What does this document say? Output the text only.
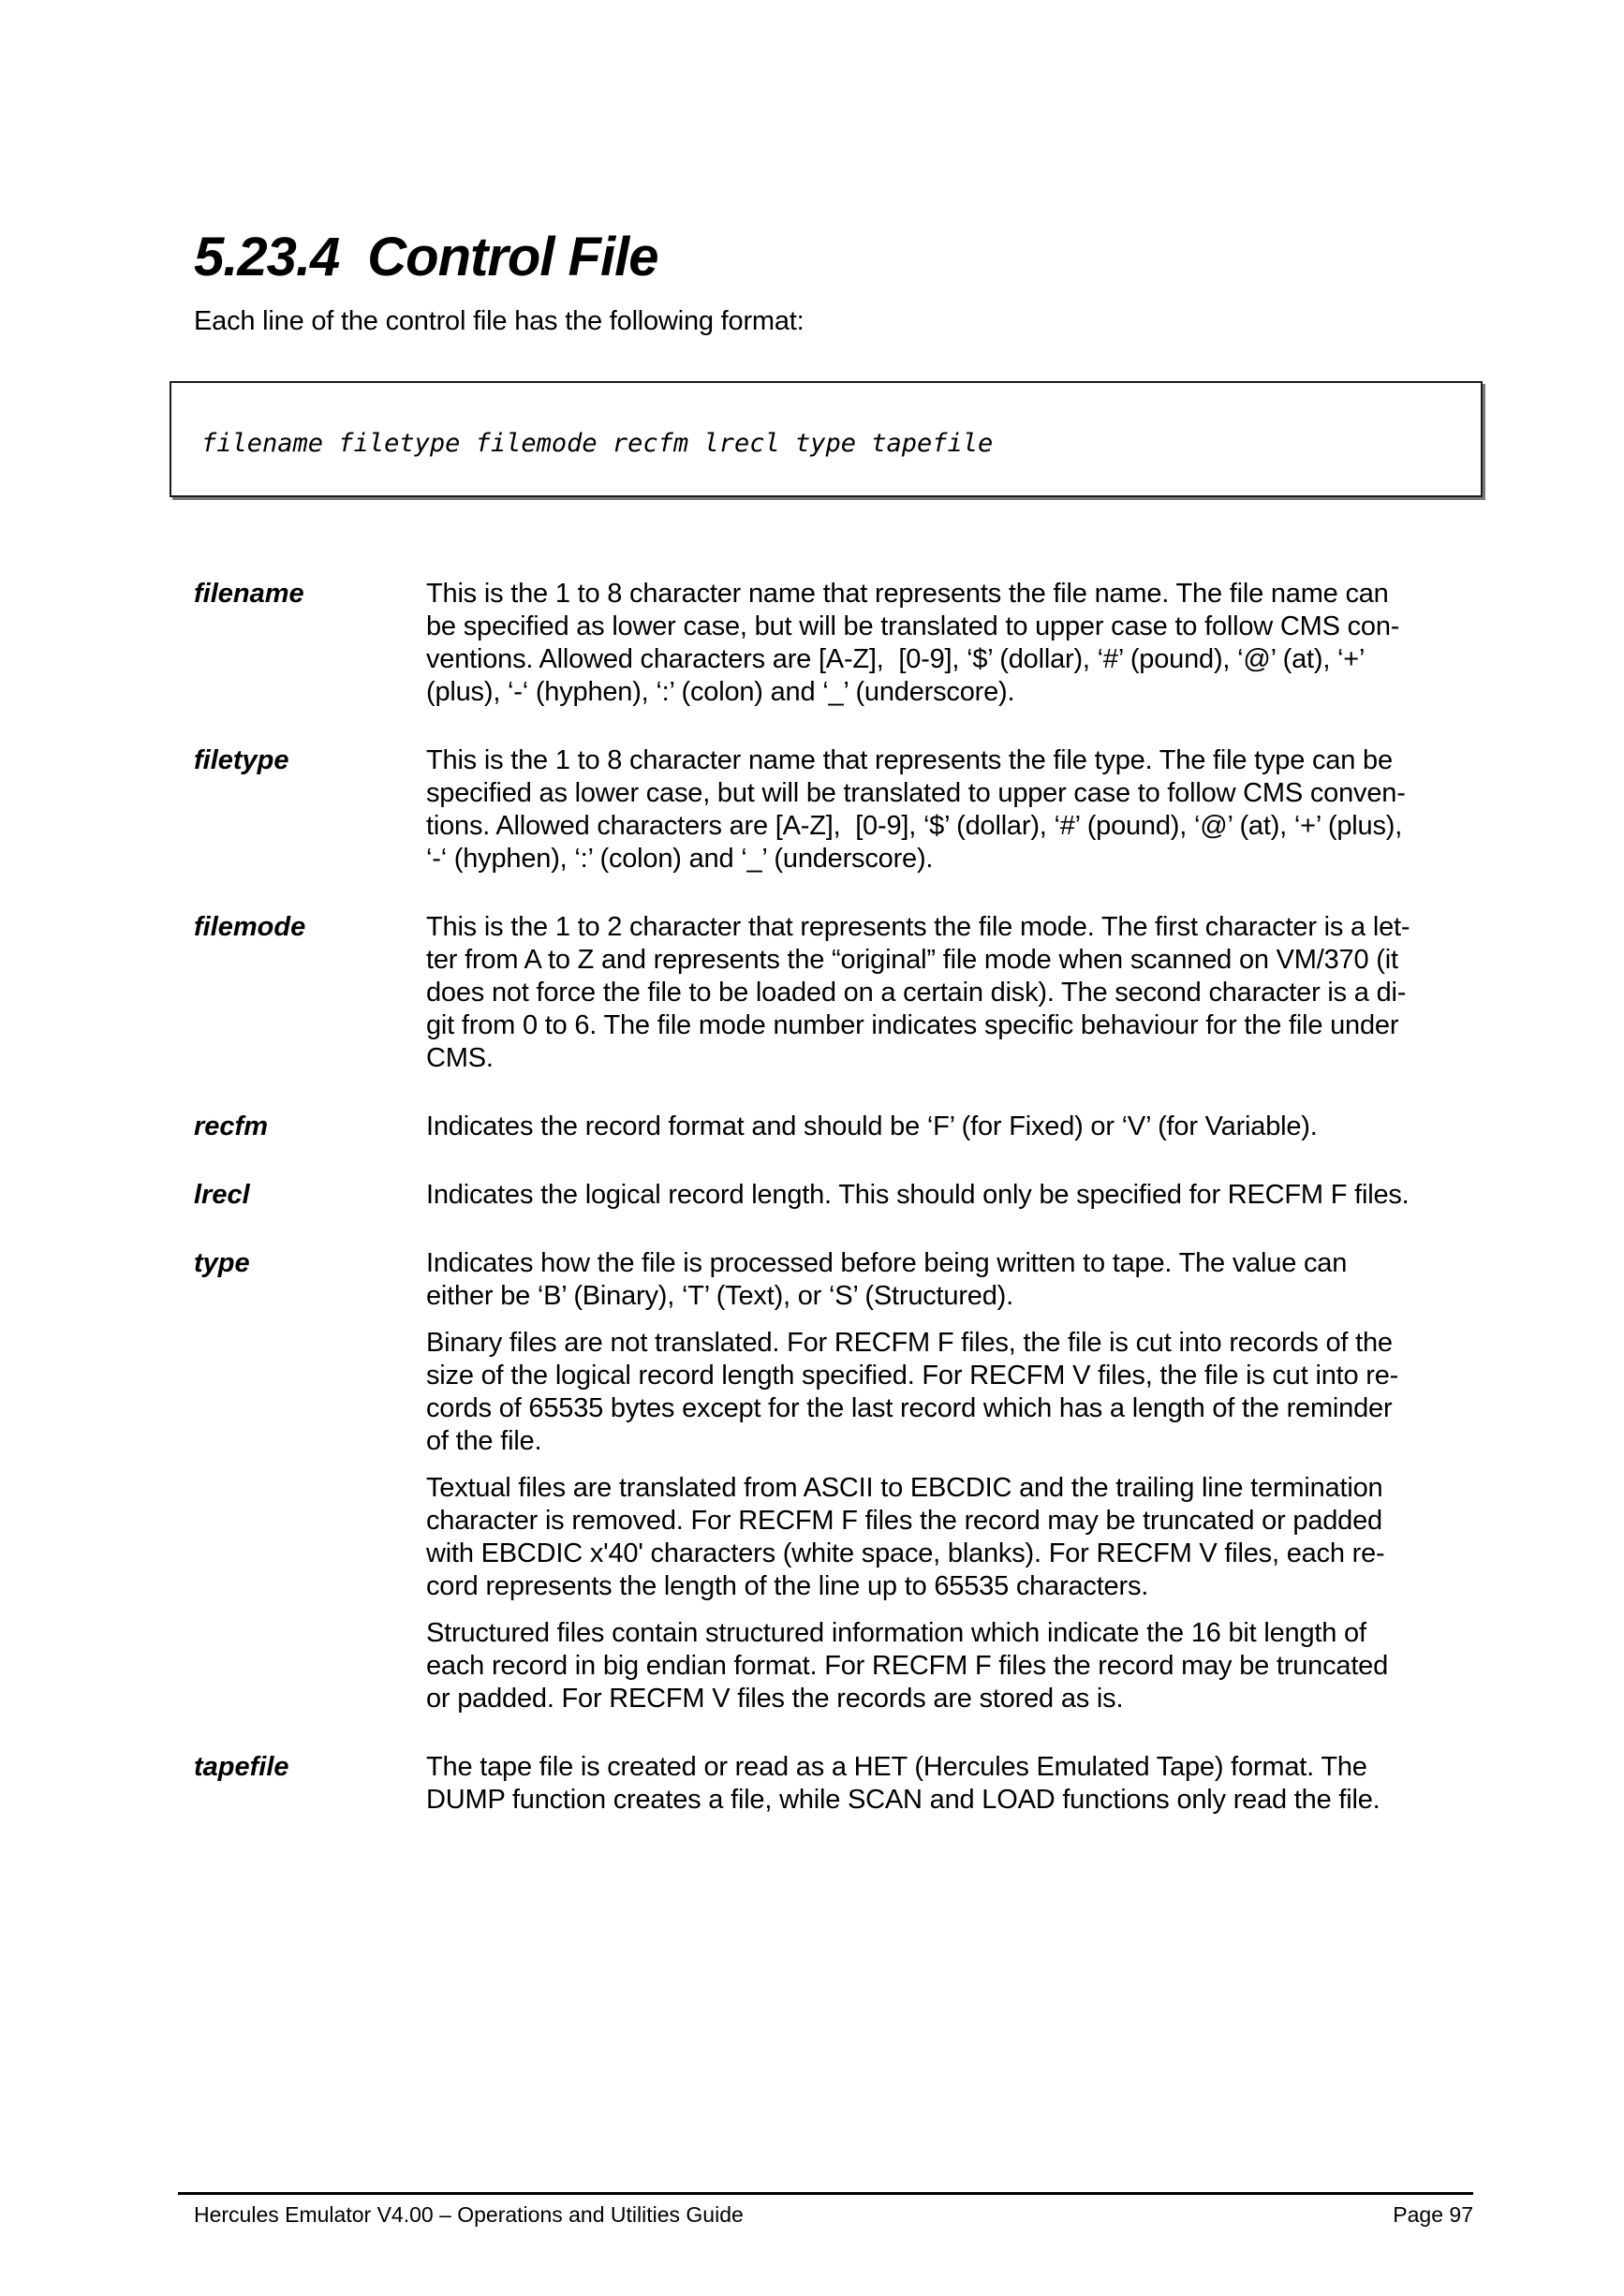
5.23.4 Control File
Each line of the control file has the following format:
filename filetype filemode recfm lrecl type tapefile
filename	This is the 1 to 8 character name that represents the file name. The file name can
be specified as lower case, but will be translated to upper case to follow CMS con-
ventions. Allowed characters are [A-Z],  [0-9], ‘$’ (dollar), ‘#’ (pound), ‘@’ (at), ‘+’
(plus), ‘-‘ (hyphen), ‘:’ (colon) and ‘_’ (underscore).
filetype	This is the 1 to 8 character name that represents the file type. The file type can be
specified as lower case, but will be translated to upper case to follow CMS conven-
tions. Allowed characters are [A-Z],  [0-9], ‘$’ (dollar), ‘#’ (pound), ‘@’ (at), ‘+’ (plus),
‘-‘ (hyphen), ‘:’ (colon) and ‘_’ (underscore).
filemode	This is the 1 to 2 character that represents the file mode. The first character is a let-
ter from A to Z and represents the “original” file mode when scanned on VM/370 (it
does not force the file to be loaded on a certain disk). The second character is a di-
git from 0 to 6. The file mode number indicates specific behaviour for the file under
CMS.
recfm	Indicates the record format and should be ‘F’ (for Fixed) or ‘V’ (for Variable).
lrecl	Indicates the logical record length. This should only be specified for RECFM F files.
type	Indicates how the file is processed before being written to tape. The value can
either be ‘B’ (Binary), ‘T’ (Text), or ‘S’ (Structured).
Binary files are not translated. For RECFM F files, the file is cut into records of the
size of the logical record length specified. For RECFM V files, the file is cut into re-
cords of 65535 bytes except for the last record which has a length of the reminder
of the file.
Textual files are translated from ASCII to EBCDIC and the trailing line termination
character is removed. For RECFM F files the record may be truncated or padded
with EBCDIC x'40' characters (white space, blanks). For RECFM V files, each re-
cord represents the length of the line up to 65535 characters.
Structured files contain structured information which indicate the 16 bit length of
each record in big endian format. For RECFM F files the record may be truncated
or padded. For RECFM V files the records are stored as is.
tapefile	The tape file is created or read as a HET (Hercules Emulated Tape) format. The
DUMP function creates a file, while SCAN and LOAD functions only read the file.
Hercules Emulator V4.00 – Operations and Utilities Guide	Page 97
